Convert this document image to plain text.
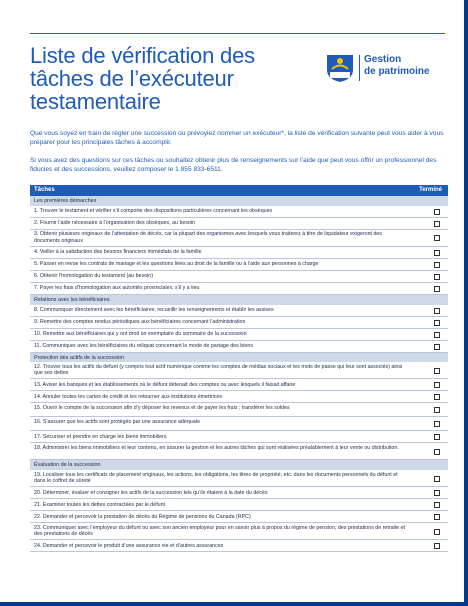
Liste de vérification des
tâches de l’exécuteur
testamentaire
Gestion
de patrimoine

Que vous soyez en train de régler une succession ou prévoyiez nommer un exécuteur*, la liste de vérification suivante peut vous aider à vous préparer pour les principales tâches à accomplir.

Si vous avez des questions sur ces tâches ou souhaitez obtenir plus de renseignements sur l’aide que peut vous offrir un professionnel des fiducies et des successions, veuillez composer le 1 855 833-6511.

Tâches	Terminé
Les premières démarches
1. Trouver le testament et vérifier s’il comporte des dispositions particulières concernant les obsèques
2. Fournir l’aide nécessaire à l’organisation des obsèques, au besoin
3. Obtenir plusieurs originaux de l’attestation de décès, car la plupart des organismes avec lesquels vous traiterez à titre de liquidateur exigeront des documents originaux
4. Veiller à la satisfaction des besoins financiers immédiats de la famille
5. Passer en revue les contrats de mariage et les questions liées au droit de la famille ou à l’aide aux personnes à charge
6. Obtenir l’homologation du testament (au besoin)
7. Payer les frais d’homologation aux autorités provinciales, s’il y a lieu
Relations avec les bénéficiaires
8. Communiquer directement avec les bénéficiaires, recueillir les renseignements et établir les assises
9. Remettre des comptes rendus périodiques aux bénéficiaires concernant l’administration
10. Remettre aux bénéficiaires qui y ont droit un exemplaire du sommaire de la succession
11. Communiquer avec les bénéficiaires du reliquat concernant le mode de partage des biens
Protection des actifs de la succession
12. Trouver tous les actifs du défunt (y compris tout actif numérique comme les comptes de médias sociaux et les mots de passe qui leur sont associés) ainsi que ses dettes
13. Aviser les banques et les établissements où le défunt détenait des comptes ou avec lesquels il faisait affaire
14. Annuler toutes les cartes de crédit et les retourner aux institutions émettrices
15. Ouvrir le compte de la succession afin d’y déposer les revenus et de payer les frais ; transférer les soldes
16. S’assurer que les actifs sont protégés par une assurance adéquate
17. Sécuriser et prendre en charge les biens immobiliers
18. Administrer les biens immobiliers et leur contenu, en assurer la gestion et les autres tâches qui sont réalisées préalablement à leur vente ou distribution.
Évaluation de la succession
19. Localiser tous les certificats de placement originaux, les actions, les obligations, les titres de propriété, etc. dans les documents personnels du défunt et dans le coffret de sûreté
20. Déterminer, évaluer et consigner les actifs de la succession tels qu’ils étaient à la date du décès
21. Examiner toutes les dettes contractées par le défunt
22. Demander et percevoir la prestation de décès du Régime de pensions du Canada (RPC)
23. Communiquer avec l’employeur du défunt ou avec son ancien employeur pour en savoir plus à propos du régime de pension, des prestations de retraite et des prestations de décès
24. Demander et percevoir le produit d’une assurance vie et d’autres assurances
